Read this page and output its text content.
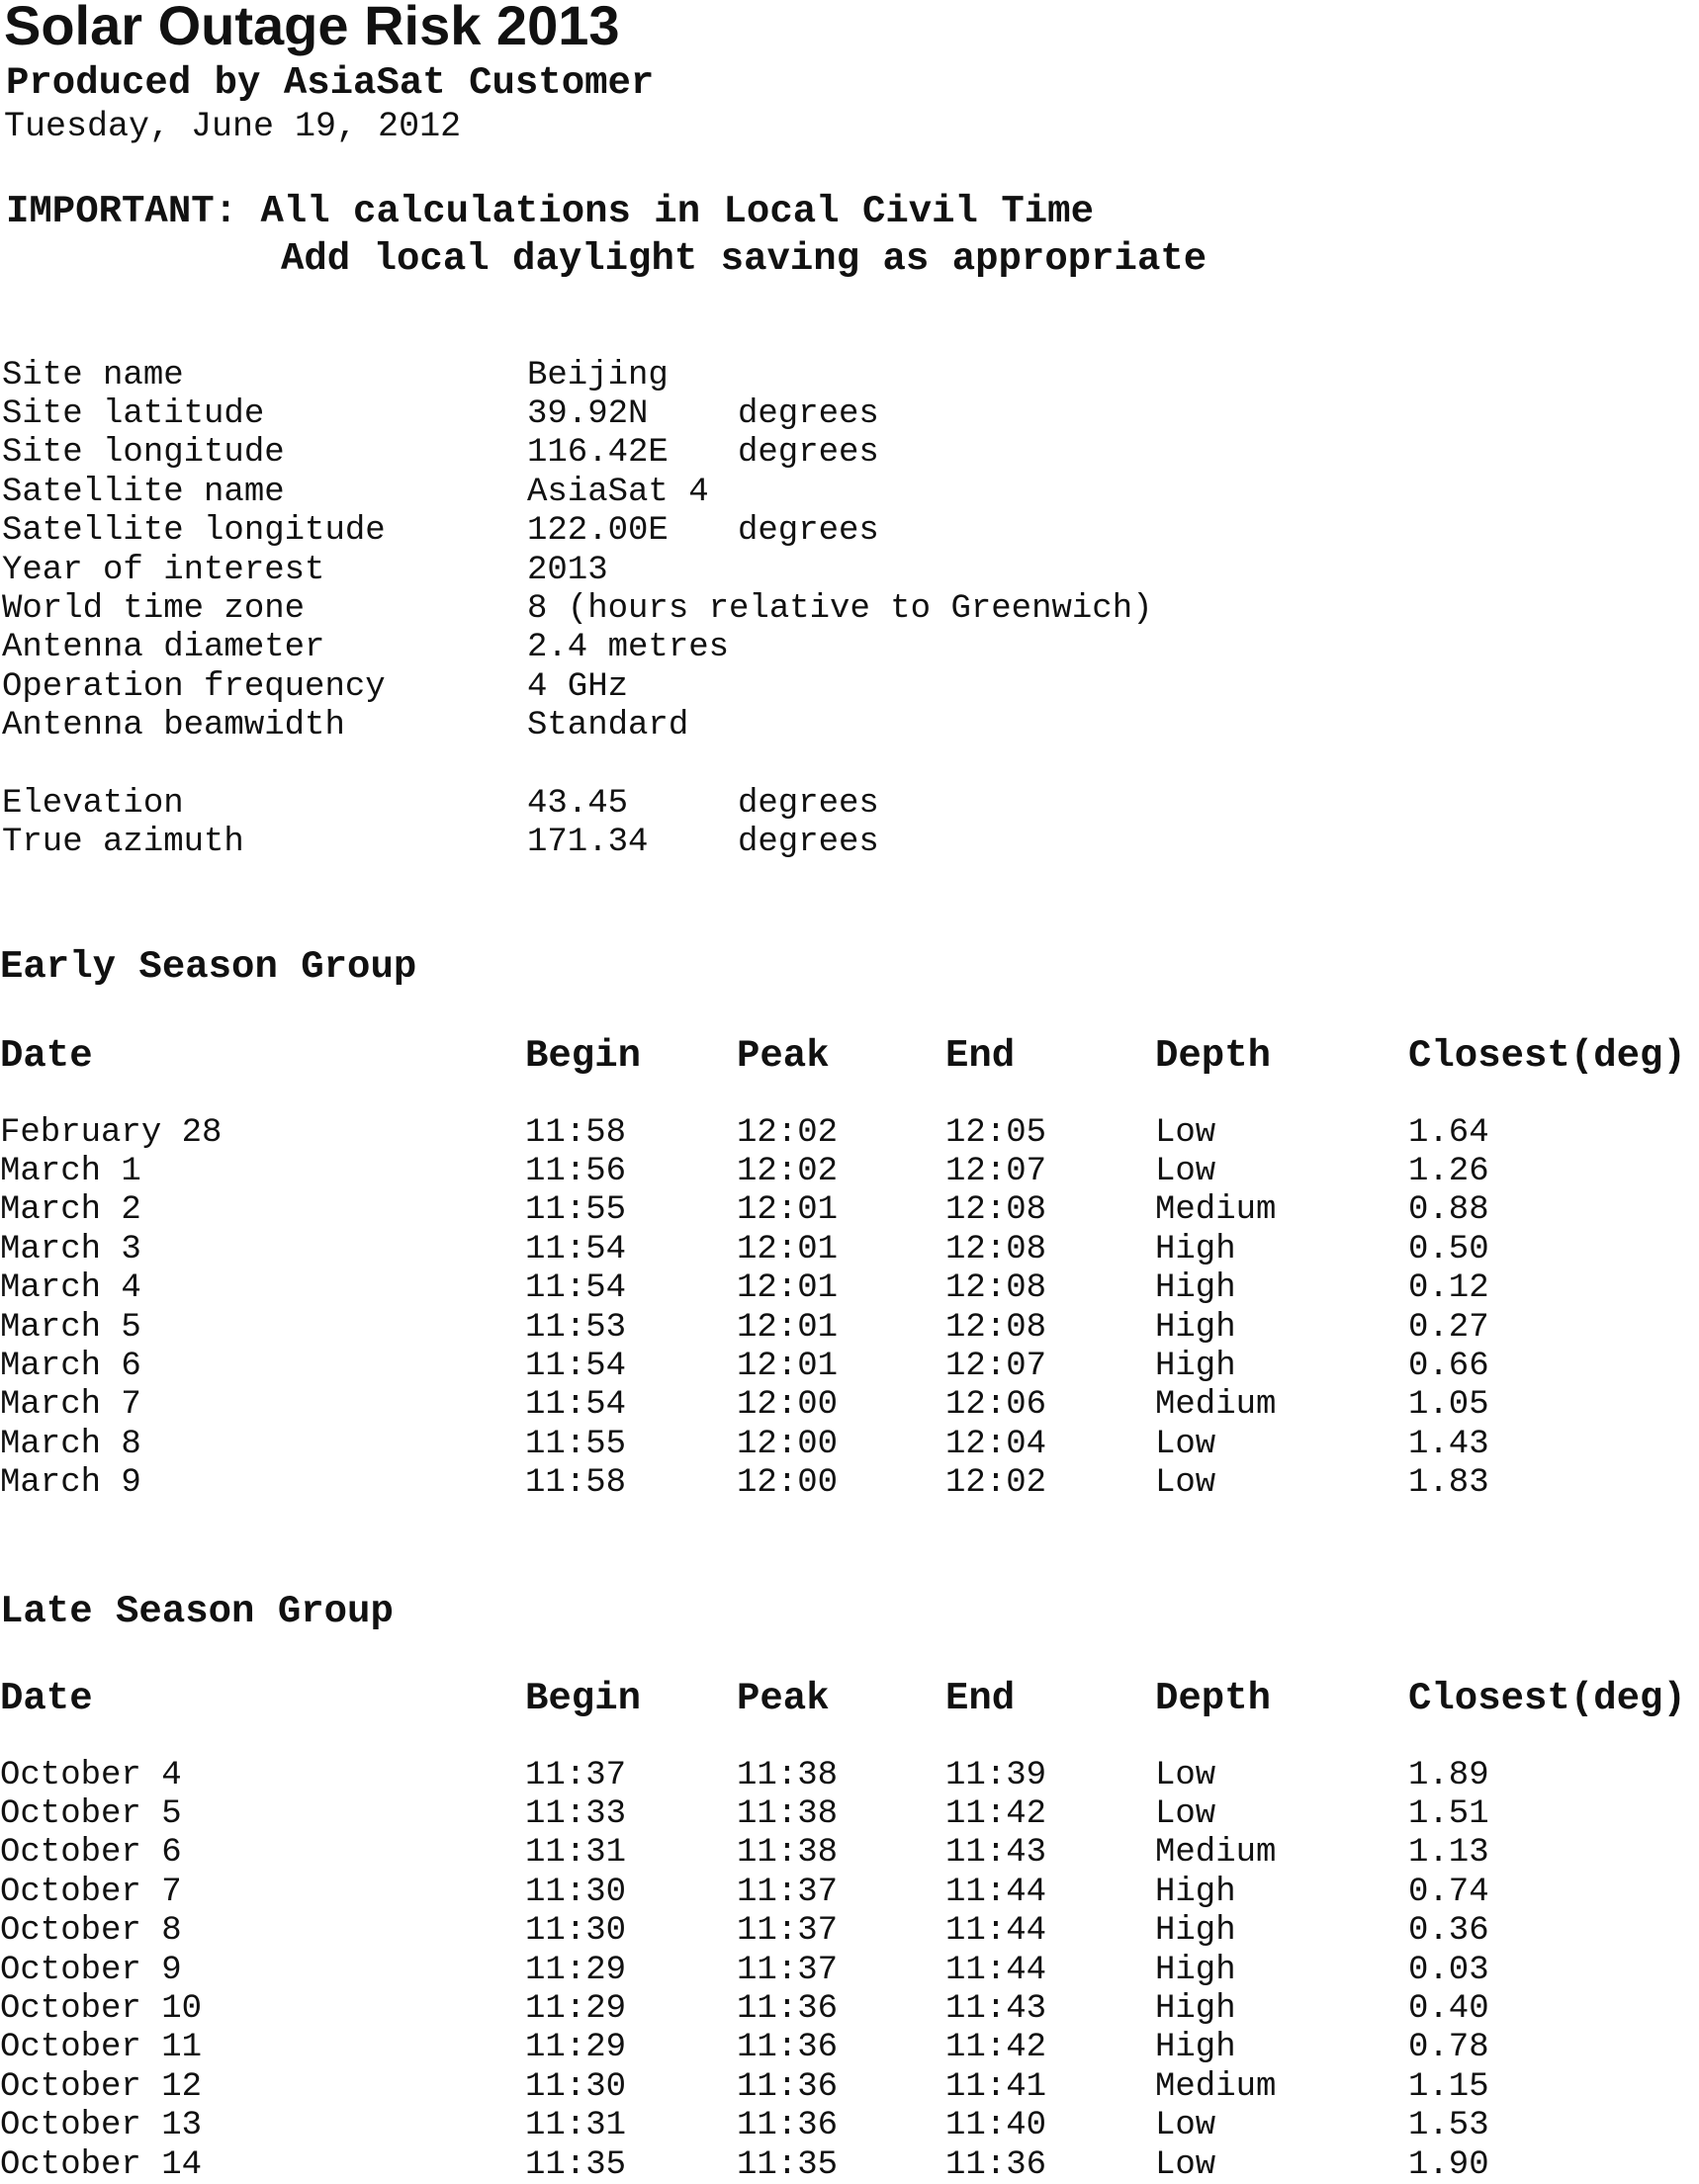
Solar Outage Risk 2013
Produced by AsiaSat Customer
Tuesday, June 19, 2012
IMPORTANT: All calculations in Local Civil Time
Add local daylight saving as appropriate
Site name	Beijing
Site latitude	39.92N	degrees
Site longitude	116.42E	degrees
Satellite name	AsiaSat 4
Satellite longitude	122.00E	degrees
Year of interest	2013
World time zone	8 (hours relative to Greenwich)
Antenna diameter	2.4 metres
Operation frequency	4 GHz
Antenna beamwidth	Standard
Elevation	43.45	degrees
True azimuth	171.34	degrees
Early Season Group
Date	Begin	Peak	End	Depth	Closest(deg)
February 28	11:58	12:02	12:05	Low	1.64
March 1	11:56	12:02	12:07	Low	1.26
March 2	11:55	12:01	12:08	Medium	0.88
March 3	11:54	12:01	12:08	High	0.50
March 4	11:54	12:01	12:08	High	0.12
March 5	11:53	12:01	12:08	High	0.27
March 6	11:54	12:01	12:07	High	0.66
March 7	11:54	12:00	12:06	Medium	1.05
March 8	11:55	12:00	12:04	Low	1.43
March 9	11:58	12:00	12:02	Low	1.83
Late Season Group
Date	Begin	Peak	End	Depth	Closest(deg)
October 4	11:37	11:38	11:39	Low	1.89
October 5	11:33	11:38	11:42	Low	1.51
October 6	11:31	11:38	11:43	Medium	1.13
October 7	11:30	11:37	11:44	High	0.74
October 8	11:30	11:37	11:44	High	0.36
October 9	11:29	11:37	11:44	High	0.03
October 10	11:29	11:36	11:43	High	0.40
October 11	11:29	11:36	11:42	High	0.78
October 12	11:30	11:36	11:41	Medium	1.15
October 13	11:31	11:36	11:40	Low	1.53
October 14	11:35	11:35	11:36	Low	1.90
